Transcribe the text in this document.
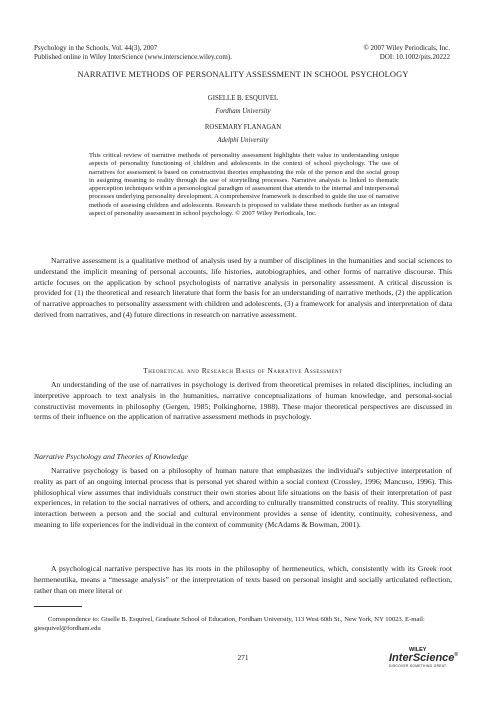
Psychology in the Schools, Vol. 44(3), 2007
Published online in Wiley InterScience (www.interscience.wiley.com).
© 2007 Wiley Periodicals, Inc.
DOI: 10.1002/pits.20222
NARRATIVE METHODS OF PERSONALITY ASSESSMENT IN SCHOOL PSYCHOLOGY
GISELLE B. ESQUIVEL
Fordham University
ROSEMARY FLANAGAN
Adelphi University

This critical review of narrative methods of personality assessment highlights their value in understanding unique aspects of personality functioning of children and adolescents in the context of school psychology. The use of narratives for assessment is based on constructivist theories emphasizing the role of the person and the social group in assigning meaning to reality through the use of storytelling processes. Narrative analysis is linked to thematic apperception techniques within a personological paradigm of assessment that attends to the internal and interpersonal processes underlying personality development. A comprehensive framework is described to guide the use of narrative methods of assessing children and adolescents. Research is proposed to validate these methods further as an integral aspect of personality assessment in school psychology. © 2007 Wiley Periodicals, Inc.

Narrative assessment is a qualitative method of analysis used by a number of disciplines in the humanities and social sciences to understand the implicit meaning of personal accounts, life histories, autobiographies, and other forms of narrative discourse. This article focuses on the application by school psychologists of narrative analysis in personality assessment. A critical discussion is provided for (1) the theoretical and research literature that form the basis for an understanding of narrative methods, (2) the application of narrative approaches to personality assessment with children and adolescents, (3) a framework for analysis and interpretation of data derived from narratives, and (4) future directions in research on narrative assessment.

Theoretical and Research Bases of Narrative Assessment

An understanding of the use of narratives in psychology is derived from theoretical premises in related disciplines, including an interpretive approach to text analysis in the humanities, narrative conceptualizations of human knowledge, and personal-social constructivist movements in philosophy (Gergen, 1985; Polkinghorne, 1988). These major theoretical perspectives are discussed in terms of their influence on the application of narrative assessment methods in psychology.

Narrative Psychology and Theories of Knowledge

Narrative psychology is based on a philosophy of human nature that emphasizes the individual's subjective interpretation of reality as part of an ongoing internal process that is personal yet shared within a social context (Crossley, 1996; Mancuso, 1996). This philosophical view assumes that individuals construct their own stories about life situations on the basis of their interpretation of past experiences, in relation to the social narratives of others, and according to culturally transmitted constructs of reality. This storytelling interaction between a person and the social and cultural environment provides a sense of identity, continuity, cohesiveness, and meaning to life experiences for the individual in the context of community (McAdams & Bowman, 2001).

A psychological narrative perspective has its roots in the philosophy of hermeneutics, which, consistently with its Greek root hermeneutika, means a “message analysis” or the interpretation of texts based on personal insight and socially articulated reflection, rather than on mere literal or

Correspondence to: Giselle B. Esquivel, Graduate School of Education, Fordham University, 113 West 60th St., New York, NY 10023. E-mail: giesquivel@fordham.edu

271
WILEY
InterScience®
DISCOVER SOMETHING GREAT
